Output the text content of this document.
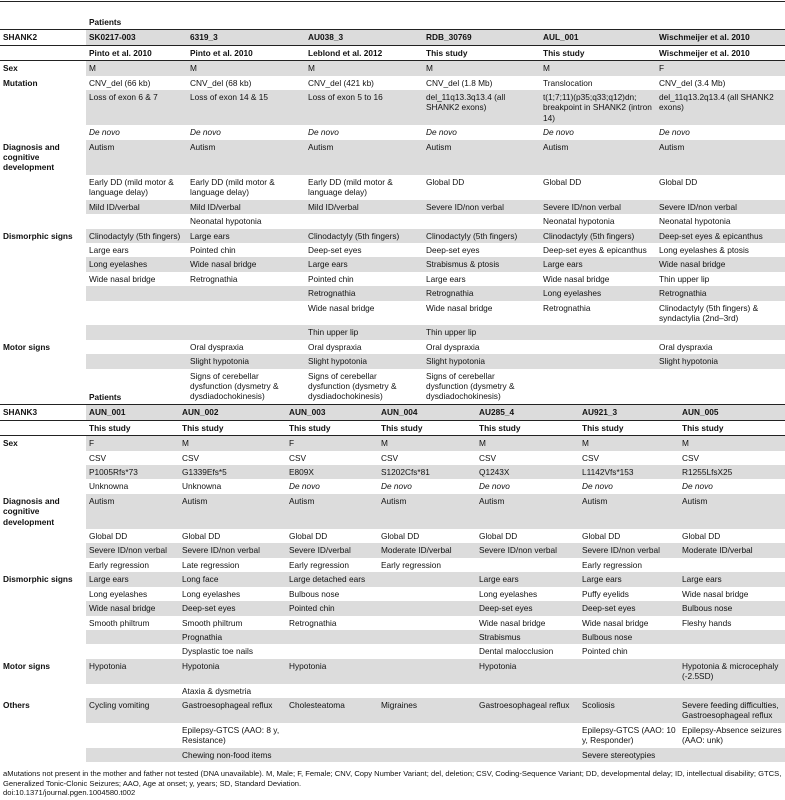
	Patients					
SHANK2	SK0217-003	6319_3	AU038_3	RDB_30769	AUL_001	Wischmeijer et al. 2010
	Pinto et al. 2010	Pinto et al. 2010	Leblond et al. 2012	This study	This study	Wischmeijer et al. 2010
Sex	M	M	M	M	M	F
Mutation	CNV_del (66 kb)	CNV_del (68 kb)	CNV_del (421 kb)	CNV_del (1.8 Mb)	Translocation	CNV_del (3.4 Mb)
	Loss of exon 6 & 7	Loss of exon 14 & 15	Loss of exon 5 to 16	del_11q13.3q13.4 (all SHANK2 exons)	t(1;7;11)(p35;q33;q12)dn; breakpoint in SHANK2 (intron 14)	del_11q13.2q13.4 (all SHANK2 exons)
	De novo	De novo	De novo	De novo	De novo	De novo
Diagnosis and cognitive development	Autism	Autism	Autism	Autism	Autism	Autism
	Early DD (mild motor & language delay)	Early DD (mild motor & language delay)	Early DD (mild motor & language delay)	Global DD	Global DD	Global DD
	Mild ID/verbal	Mild ID/verbal	Mild ID/verbal	Severe ID/non verbal	Severe ID/non verbal	Severe ID/non verbal
		Neonatal hypotonia			Neonatal hypotonia	Neonatal hypotonia
Dismorphic signs	Clinodactyly (5th fingers)	Large ears	Clinodactyly (5th fingers)	Clinodactyly (5th fingers)	Clinodactyly (5th fingers)	Deep-set eyes & epicanthus
	Large ears	Pointed chin	Deep-set eyes	Deep-set eyes	Deep-set eyes & epicanthus	Long eyelashes & ptosis
	Long eyelashes	Wide nasal bridge	Large ears	Strabismus & ptosis	Large ears	Wide nasal bridge
	Wide nasal bridge	Retrognathia	Pointed chin	Large ears	Wide nasal bridge	Thin upper lip
			Retrognathia	Retrognathia	Long eyelashes	Retrognathia
			Wide nasal bridge	Wide nasal bridge	Retrognathia	Clinodactyly (5th fingers) & syndactylia (2nd–3rd)
			Thin upper lip	Thin upper lip		
Motor signs		Oral dyspraxia	Oral dyspraxia	Oral dyspraxia		Oral dyspraxia
		Slight hypotonia	Slight hypotonia	Slight hypotonia		Slight hypotonia
		Signs of cerebellar dysfunction (dysmetry & dysdiadochokinesis)	Signs of cerebellar dysfunction (dysmetry & dysdiadochokinesis)	Signs of cerebellar dysfunction (dysmetry & dysdiadochokinesis)		
	Patients						
SHANK3	AUN_001	AUN_002	AUN_003	AUN_004	AU285_4	AU921_3	AUN_005
	This study	This study	This study	This study	This study	This study	This study
Sex	F	M	F	M	M	M	M
	CSV	CSV	CSV	CSV	CSV	CSV	CSV
	P1005Rfs*73	G1339Efs*5	E809X	S1202Cfs*81	Q1243X	L1142Vfs*153	R1255LfsX25
	Unknowna	Unknowna	De novo	De novo	De novo	De novo	De novo
Diagnosis and cognitive development	Autism	Autism	Autism	Autism	Autism	Autism	Autism
	Global DD	Global DD	Global DD	Global DD	Global DD	Global DD	Global DD
	Severe ID/non verbal	Severe ID/non verbal	Severe ID/verbal	Moderate ID/verbal	Severe ID/non verbal	Severe ID/non verbal	Moderate ID/verbal
	Early regression	Late regression	Early regression	Early regression		Early regression	
Dismorphic signs	Large ears	Long face	Large detached ears		Large ears	Large ears	Large ears
	Long eyelashes	Long eyelashes	Bulbous nose		Long eyelashes	Puffy eyelids	Wide nasal bridge
	Wide nasal bridge	Deep-set eyes	Pointed chin		Deep-set eyes	Deep-set eyes	Bulbous nose
	Smooth philtrum	Smooth philtrum	Retrognathia		Wide nasal bridge	Wide nasal bridge	Fleshy hands
		Prognathia			Strabismus	Bulbous nose	
		Dysplastic toe nails			Dental malocclusion	Pointed chin	
Motor signs	Hypotonia	Hypotonia	Hypotonia		Hypotonia		Hypotonia & microcephaly (-2.5SD)
		Ataxia & dysmetria					
Others	Cycling vomiting	Gastroesophageal reflux	Cholesteatoma	Migraines	Gastroesophageal reflux	Scoliosis	Severe feeding difficulties, Gastroesophageal reflux
		Epilepsy-GTCS (AAO: 8 y, Resistance)				Epilepsy-GTCS (AAO: 10 y, Responder)	Epilepsy-Absence seizures (AAO: unk)
		Chewing non-food items				Severe stereotypies	

aMutations not present in the mother and father not tested (DNA unavailable). M, Male; F, Female; CNV, Copy Number Variant; del, deletion; CSV, Coding-Sequence Variant; DD, developmental delay; ID, intellectual disability; GTCS, Generalized Tonic-Clonic Seizures; AAO, Age at onset; y, years; SD, Standard Deviation.

doi:10.1371/journal.pgen.1004580.t002
